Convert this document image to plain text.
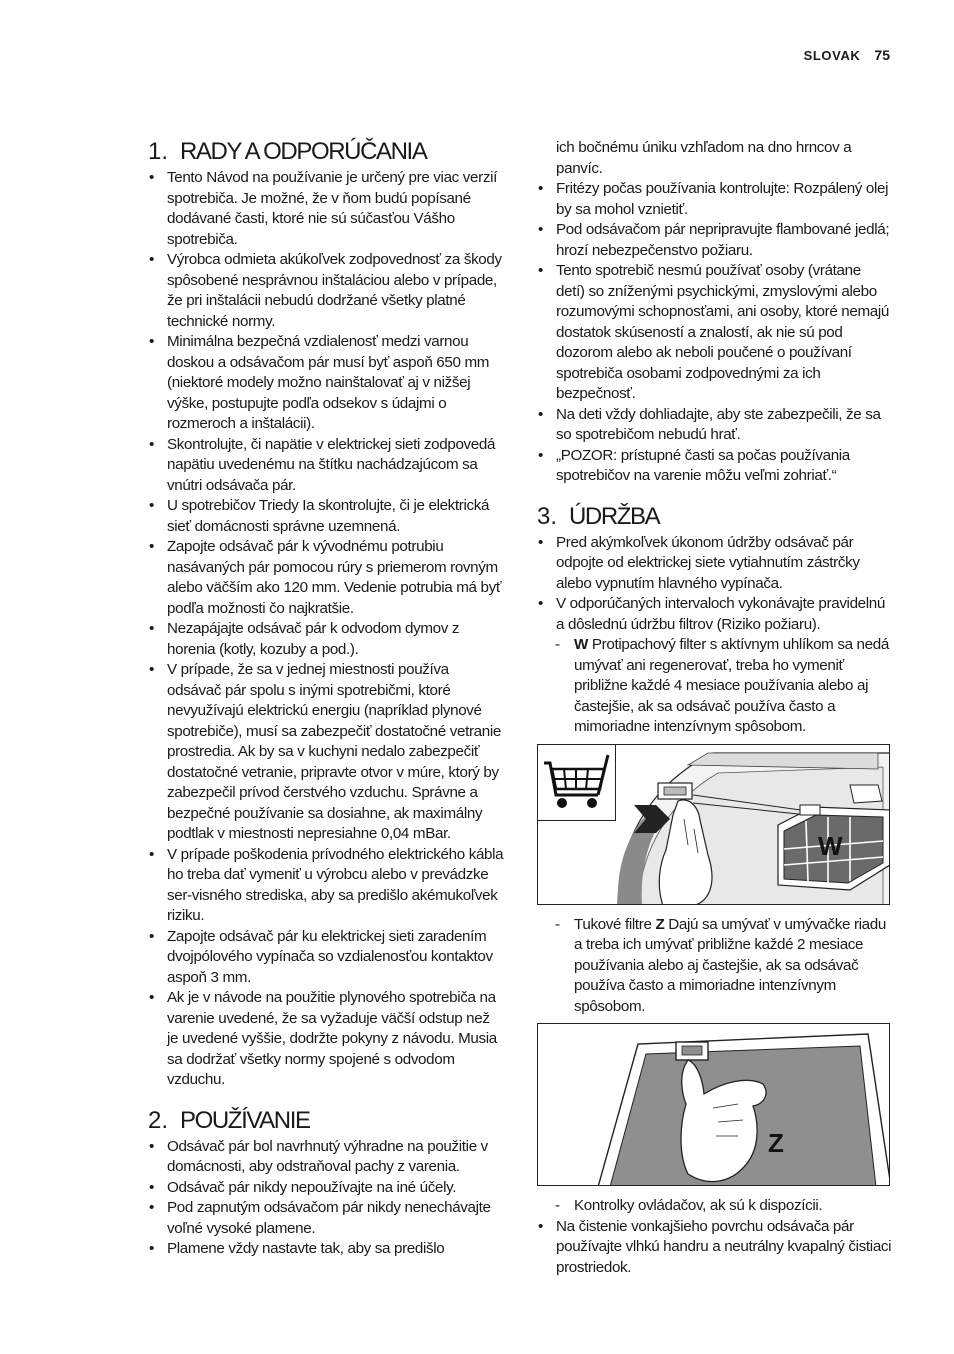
SLOVAK 75
1. RADY A ODPORÚČANIA
• Tento Návod na používanie je určený pre viac verzií spotrebiča. Je možné, že v ňom budú popísané dodávané časti, ktoré nie sú súčasťou Vášho spotrebiča.
• Výrobca odmieta akúkoľvek zodpovednosť za škody spôsobené nesprávnou inštaláciou alebo v prípade, že pri inštalácii nebudú dodržané všetky platné technické normy.
• Minimálna bezpečná vzdialenosť medzi varnou doskou a odsávačom pár musí byť aspoň 650 mm (niektoré modely možno nainštalovať aj v nižšej výške, postupujte podľa odsekov s údajmi o rozmeroch a inštalácii).
• Skontrolujte, či napätie v elektrickej sieti zodpovedá napätiu uvedenému na štítku nachádzajúcom sa vnútri odsávača pár.
• U spotrebičov Triedy Ia skontrolujte, či je elektrická sieť domácnosti správne uzemnená.
• Zapojte odsávač pár k vývodnému potrubiu nasávaných pár pomocou rúry s priemerom rovným alebo väčším ako 120 mm. Vedenie potrubia má byť podľa možnosti čo najkratšie.
• Nezapájajte odsávač pár k odvodom dymov z horenia (kotly, kozuby a pod.).
• V prípade, že sa v jednej miestnosti používa odsávač pár spolu s inými spotrebičmi, ktoré nevyužívajú elektrickú energiu (napríklad plynové spotrebiče), musí sa zabezpečiť dostatočné vetranie prostredia. Ak by sa v kuchyni nedalo zabezpečiť dostatočné vetranie, pripravte otvor v múre, ktorý by zabezpečil prívod čerstvého vzduchu. Správne a bezpečné používanie sa dosiahne, ak maximálny podtlak v miestnosti nepresiahne 0,04 mBar.
• V prípade poškodenia prívodného elektrického kábla ho treba dať vymeniť u výrobcu alebo v prevádzke ser-visného strediska, aby sa predišlo akémukoľvek riziku.
• Zapojte odsávač pár ku elektrickej sieti zaradením dvojpólového vypínača so vzdialenosťou kontaktov aspoň 3 mm.
• Ak je v návode na použitie plynového spotrebiča na varenie uvedené, že sa vyžaduje väčší odstup než je uvedené vyššie, dodržte pokyny z návodu. Musia sa dodržať všetky normy spojené s odvodom vzduchu.
2. POUŽÍVANIE
• Odsávač pár bol navrhnutý výhradne na použitie v domácnosti, aby odstraňoval pachy z varenia.
• Odsávač pár nikdy nepoužívajte na iné účely.
• Pod zapnutým odsávačom pár nikdy nenechávajte voľné vysoké plamene.
• Plamene vždy nastavte tak, aby sa predišlo
ich bočnému úniku vzhľadom na dno hrncov a panvíc.
• Fritézy počas používania kontrolujte: Rozpálený olej by sa mohol vznietiť.
• Pod odsávačom pár nepripravujte flambované jedlá; hrozí nebezpečenstvo požiaru.
• Tento spotrebič nesmú používať osoby (vrátane detí) so zníženými psychickými, zmyslovými alebo rozumovými schopnosťami, ani osoby, ktoré nemajú dostatok skúseností a znalostí, ak nie sú pod dozorom alebo ak neboli poučené o používaní spotrebiča osobami zodpovednými za ich bezpečnosť.
• Na deti vždy dohliadajte, aby ste zabezpečili, že sa so spotrebičom nebudú hrať.
• „POZOR: prístupné časti sa počas používania spotrebičov na varenie môžu veľmi zohriať.“
3. ÚDRŽBA
• Pred akýmkoľvek úkonom údržby odsávač pár odpojte od elektrickej siete vytiahnutím zástrčky alebo vypnutím hlavného vypínača.
• V odporúčaných intervaloch vykonávajte pravidelnú a dôslednú údržbu filtrov (Riziko požiaru).
- W Protipachový filter s aktívnym uhlíkom sa nedá umývať ani regenerovať, treba ho vymeniť približne každé 4 mesiace používania alebo aj častejšie, ak sa odsávač používa často a mimoriadne intenzívnym spôsobom.
W
- Tukové filtre Z Dajú sa umývať v umývačke riadu a treba ich umývať približne každé 2 mesiace používania alebo aj častejšie, ak sa odsávač používa často a mimoriadne intenzívnym spôsobom.
Z
- Kontrolky ovládačov, ak sú k dispozícii.
• Na čistenie vonkajšieho povrchu odsávača pár používajte vlhkú handru a neutrálny kvapalný čistiaci prostriedok.
